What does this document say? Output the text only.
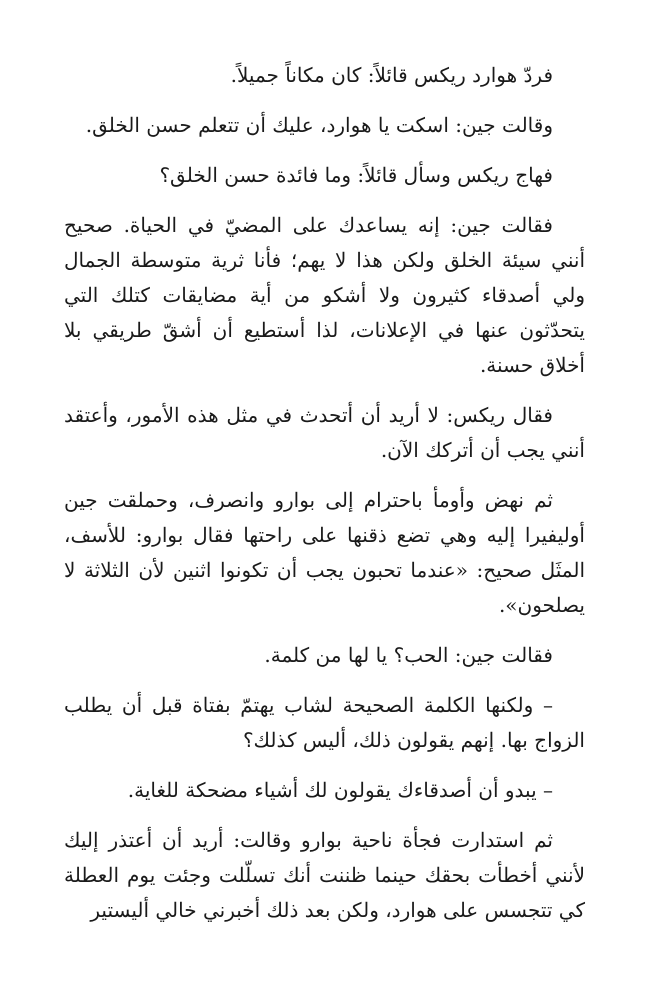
فردّ هوارد ريكس قائلاً: كان مكاناً جميلاً.

وقالت جين: اسكت يا هوارد، عليك أن تتعلم حسن الخلق.

فهاج ريكس وسأل قائلاً: وما فائدة حسن الخلق؟

فقالت جين: إنه يساعدك على المضيّ في الحياة. صحيح أنني سيئة الخلق ولكن هذا لا يهم؛ فأنا ثرية متوسطة الجمال ولي أصدقاء كثيرون ولا أشكو من أية مضايقات كتلك التي يتحدّثون عنها في الإعلانات، لذا أستطيع أن أشقّ طريقي بلا أخلاق حسنة.

فقال ريكس: لا أريد أن أتحدث في مثل هذه الأمور، وأعتقد أنني يجب أن أتركك الآن.

ثم نهض وأومأ باحترام إلى بوارو وانصرف، وحملقت جين أوليفيرا إليه وهي تضع ذقنها على راحتها فقال بوارو: للأسف، المثَل صحيح: «عندما تحبون يجب أن تكونوا اثنين لأن الثلاثة لا يصلحون».

فقالت جين: الحب؟ يا لها من كلمة.

– ولكنها الكلمة الصحيحة لشاب يهتمّ بفتاة قبل أن يطلب الزواج بها. إنهم يقولون ذلك، أليس كذلك؟

– يبدو أن أصدقاءك يقولون لك أشياء مضحكة للغاية.

ثم استدارت فجأة ناحية بوارو وقالت: أريد أن أعتذر إليك لأنني أخطأت بحقك حينما ظننت أنك تسلّلت وجئت يوم العطلة كي تتجسس على هوارد، ولكن بعد ذلك أخبرني خالي أليستير
